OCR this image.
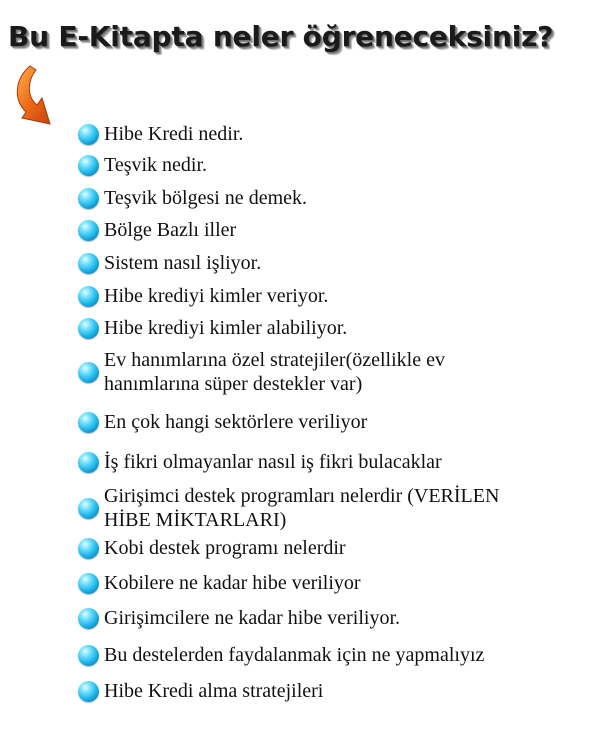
Bu E-Kitapta neler öğreneceksiniz?
Hibe Kredi nedir.
Teşvik nedir.
Teşvik bölgesi ne demek.
Bölge Bazlı iller
Sistem nasıl işliyor.
Hibe krediyi kimler veriyor.
Hibe krediyi kimler alabiliyor.
Ev hanımlarına özel stratejiler(özellikle ev hanımlarına süper destekler var)
En çok hangi sektörlere veriliyor
İş fikri olmayanlar nasıl iş fikri bulacaklar
Girişimci destek programları nelerdir (VERİLEN HİBE MİKTARLARI)
Kobi destek programı nelerdir
Kobilere ne kadar hibe veriliyor
Girişimcilere ne kadar hibe veriliyor.
Bu destelerden faydalanmak için ne yapmalıyız
Hibe Kredi alma stratejileri
